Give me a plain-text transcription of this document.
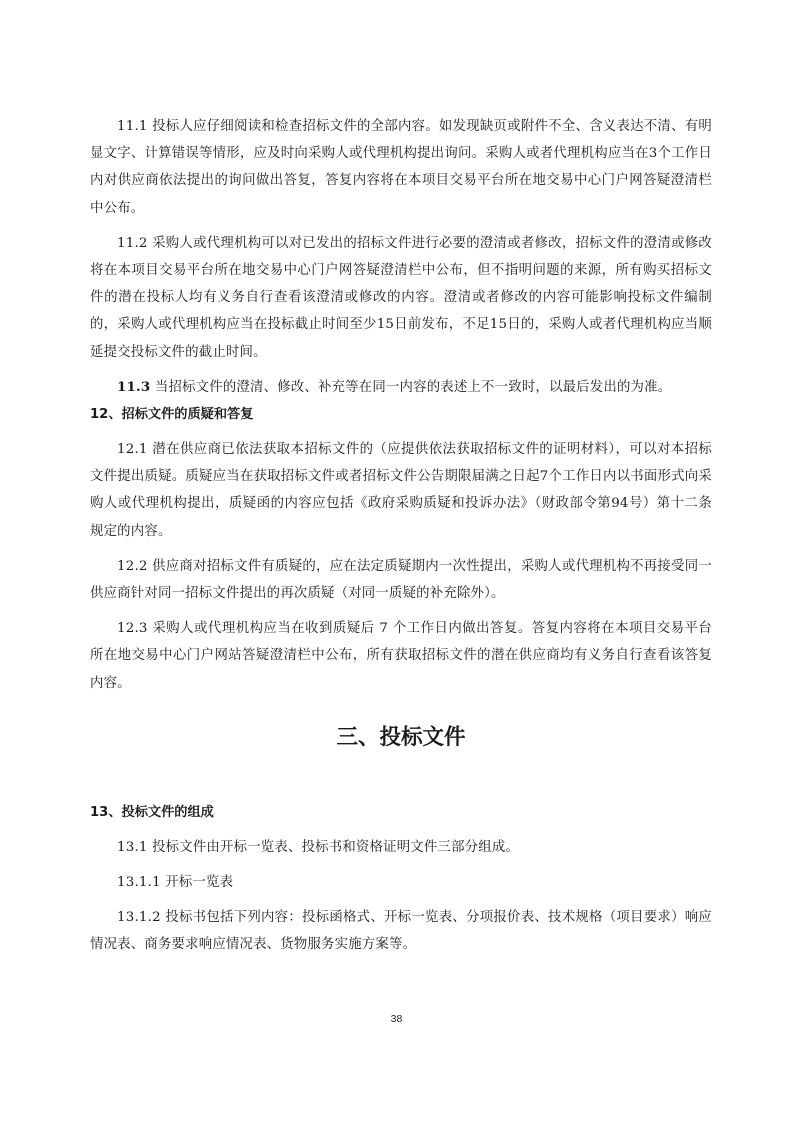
11.1 投标人应仔细阅读和检查招标文件的全部内容。如发现缺页或附件不全、含义表达不清、有明显文字、计算错误等情形，应及时向采购人或代理机构提出询问。采购人或者代理机构应当在3个工作日内对供应商依法提出的询问做出答复，答复内容将在本项目交易平台所在地交易中心门户网答疑澄清栏中公布。

11.2 采购人或代理机构可以对已发出的招标文件进行必要的澄清或者修改，招标文件的澄清或修改将在本项目交易平台所在地交易中心门户网答疑澄清栏中公布，但不指明问题的来源，所有购买招标文件的潜在投标人均有义务自行查看该澄清或修改的内容。澄清或者修改的内容可能影响投标文件编制的，采购人或代理机构应当在投标截止时间至少15日前发布，不足15日的，采购人或者代理机构应当顺延提交投标文件的截止时间。

11.3 当招标文件的澄清、修改、补充等在同一内容的表述上不一致时，以最后发出的为准。

12、招标文件的质疑和答复

12.1 潜在供应商已依法获取本招标文件的（应提供依法获取招标文件的证明材料），可以对本招标文件提出质疑。质疑应当在获取招标文件或者招标文件公告期限届满之日起7个工作日内以书面形式向采购人或代理机构提出，质疑函的内容应包括《政府采购质疑和投诉办法》（财政部令第94号）第十二条规定的内容。

12.2 供应商对招标文件有质疑的，应在法定质疑期内一次性提出，采购人或代理机构不再接受同一供应商针对同一招标文件提出的再次质疑（对同一质疑的补充除外）。

12.3 采购人或代理机构应当在收到质疑后 7 个工作日内做出答复。答复内容将在本项目交易平台所在地交易中心门户网站答疑澄清栏中公布，所有获取招标文件的潜在供应商均有义务自行查看该答复内容。

三、投标文件

13、投标文件的组成

13.1 投标文件由开标一览表、投标书和资格证明文件三部分组成。

13.1.1 开标一览表

13.1.2 投标书包括下列内容：投标函格式、开标一览表、分项报价表、技术规格（项目要求）响应情况表、商务要求响应情况表、货物服务实施方案等。

38
